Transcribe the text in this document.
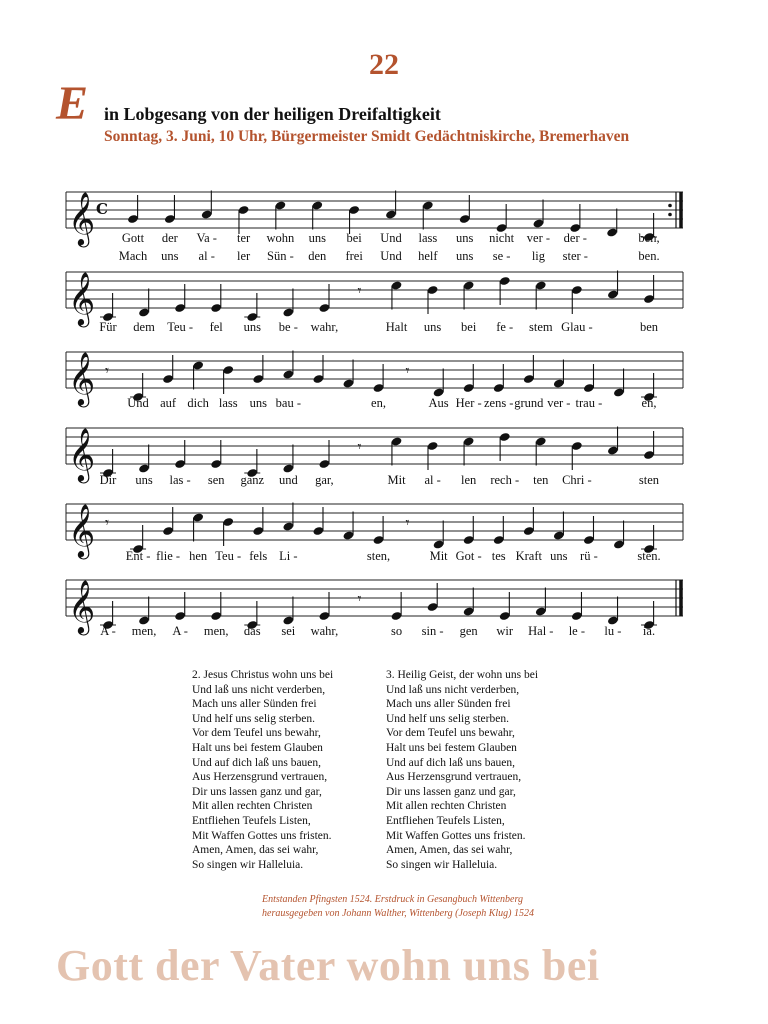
22
E in Lobgesang von der heiligen Dreifaltigkeit
Sonntag, 3. Juni, 10 Uhr, Bürgermeister Smidt Gedächtniskirche, Bremerhaven
𝄞 C
Gott der Va - ter wohn uns bei Und lass uns nicht ver - der -	ben,
Mach uns al - ler Sün - den frei Und helf uns se - lig ster -	ben.
𝄞	𝄾
Für dem Teu - fel uns be - wahr,	Halt uns bei fe - stem Glau -	ben
𝄞 𝄾	𝄾
Und auf dich lass uns bau -	en,	Aus Her - zens - grund ver - trau -	en,
𝄞	𝄾
Dir uns las - sen ganz und gar,	Mit al - len rech - ten Chri -	sten
𝄞 𝄾	𝄾
Ent - flie - hen Teu - fels Li -	sten,	Mit Got - tes Kraft uns rü -	sten.
𝄞	𝄾
A - men, A - men, das sei wahr,	so sin - gen wir Hal - le - lu - ia.
2. Jesus Christus wohn uns bei
Und laß uns nicht verderben,
Mach uns aller Sünden frei
Und helf uns selig sterben.
Vor dem Teufel uns bewahr,
Halt uns bei festem Glauben
Und auf dich laß uns bauen,
Aus Herzensgrund vertrauen,
Dir uns lassen ganz und gar,
Mit allen rechten Christen
Entfliehen Teufels Listen,
Mit Waffen Gottes uns fristen.
Amen, Amen, das sei wahr,
So singen wir Halleluia.
3. Heilig Geist, der wohn uns bei
Und laß uns nicht verderben,
Mach uns aller Sünden frei
Und helf uns selig sterben.
Vor dem Teufel uns bewahr,
Halt uns bei festem Glauben
Und auf dich laß uns bauen,
Aus Herzensgrund vertrauen,
Dir uns lassen ganz und gar,
Mit allen rechten Christen
Entfliehen Teufels Listen,
Mit Waffen Gottes uns fristen.
Amen, Amen, das sei wahr,
So singen wir Halleluia.
Entstanden Pfingsten 1524. Erstdruck in Gesangbuch Wittenberg
herausgegeben von Johann Walther, Wittenberg (Joseph Klug) 1524
Gott der Vater wohn uns bei
